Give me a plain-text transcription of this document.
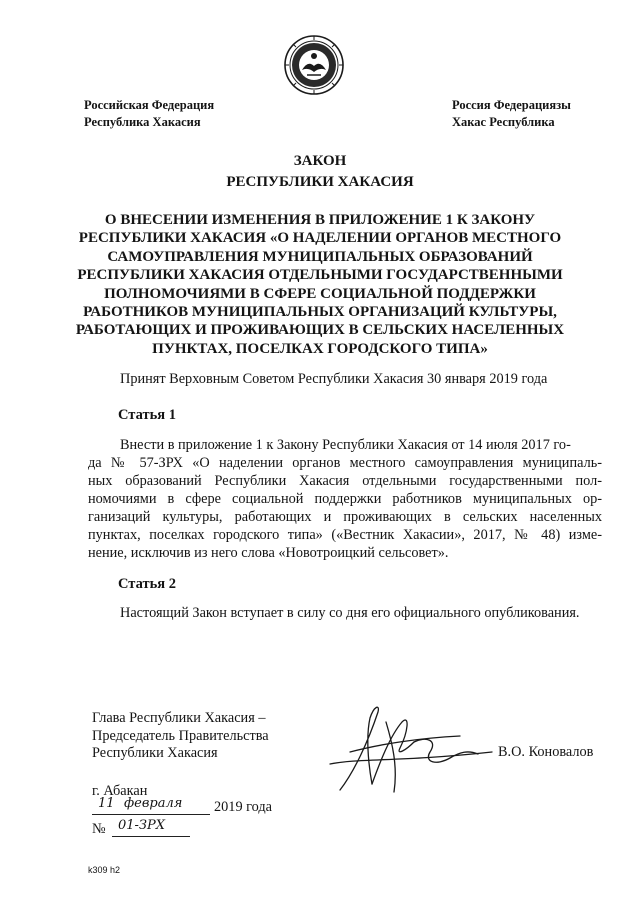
Российская Федерация
Республика Хакасия
Россия Федерациязы
Хакас Республика
ЗАКОН
РЕСПУБЛИКИ ХАКАСИЯ
О ВНЕСЕНИИ ИЗМЕНЕНИЯ В ПРИЛОЖЕНИЕ 1 К ЗАКОНУ
РЕСПУБЛИКИ ХАКАСИЯ «О НАДЕЛЕНИИ ОРГАНОВ МЕСТНОГО
САМОУПРАВЛЕНИЯ МУНИЦИПАЛЬНЫХ ОБРАЗОВАНИЙ
РЕСПУБЛИКИ ХАКАСИЯ ОТДЕЛЬНЫМИ ГОСУДАРСТВЕННЫМИ
ПОЛНОМОЧИЯМИ В СФЕРЕ СОЦИАЛЬНОЙ ПОДДЕРЖКИ
РАБОТНИКОВ МУНИЦИПАЛЬНЫХ ОРГАНИЗАЦИЙ КУЛЬТУРЫ,
РАБОТАЮЩИХ И ПРОЖИВАЮЩИХ В СЕЛЬСКИХ НАСЕЛЕННЫХ
ПУНКТАХ, ПОСЕЛКАХ ГОРОДСКОГО ТИПА»
Принят Верховным Советом Республики Хакасия 30 января 2019 года
Статья 1
Внести в приложение 1 к Закону Республики Хакасия от 14 июля 2017 го-
да № 57-ЗРХ «О наделении органов местного самоуправления муниципаль-
ных образований Республики Хакасия отдельными государственными пол-
номочиями в сфере социальной поддержки работников муниципальных ор-
ганизаций культуры, работающих и проживающих в сельских населенных
пунктах, поселках городского типа» («Вестник Хакасии», 2017, № 48) изме-
нение, исключив из него слова «Новотроицкий сельсовет».
Статья 2
Настоящий Закон вступает в силу со дня его официального опубликования.
Глава Республики Хакасия –
Председатель Правительства
Республики Хакасия	В.О. Коновалов
г. Абакан
11 февраля 2019 года
№ 01-ЗРХ
k309 h2
